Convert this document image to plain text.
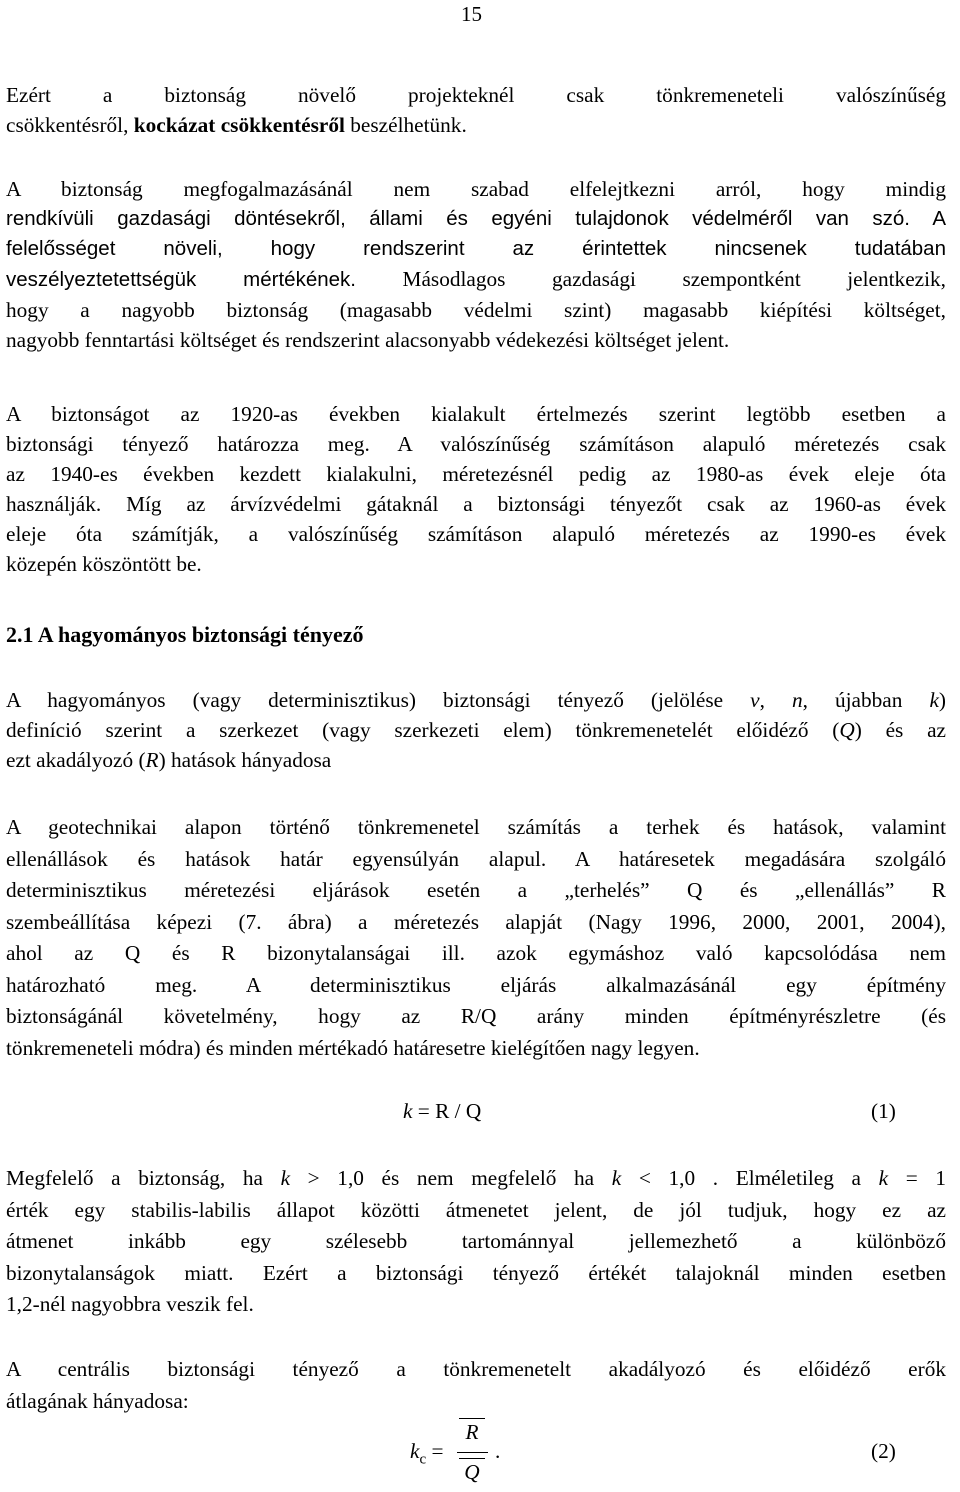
15
Ezért a biztonság növelő projekteknél csak tönkremeneteli valószínűség
csökkentésről, kockázat csökkentésről beszélhetünk.
A biztonság megfogalmazásánál nem szabad elfelejtkezni arról, hogy mindig
rendkívüli gazdasági döntésekről, állami és egyéni tulajdonok védelméről van szó. A
felelősséget növeli, hogy rendszerint az érintettek nincsenek tudatában
veszélyeztetettségük mértékének. Másodlagos gazdasági szempontként jelentkezik,
hogy a nagyobb biztonság (magasabb védelmi szint) magasabb kiépítési költséget,
nagyobb fenntartási költséget és rendszerint alacsonyabb védekezési költséget jelent.
A biztonságot az 1920-as években kialakult értelmezés szerint legtöbb esetben a
biztonsági tényező határozza meg. A valószínűség számításon alapuló méretezés csak
az 1940-es években kezdett kialakulni, méretezésnél pedig az 1980-as évek eleje óta
használják. Míg az árvízvédelmi gátaknál a biztonsági tényezőt csak az 1960-as évek
eleje óta számítják, a valószínűség számításon alapuló méretezés az 1990-es évek
közepén köszöntött be.
2.1 A hagyományos biztonsági tényező
A hagyományos (vagy determinisztikus) biztonsági tényező (jelölése ν, n, újabban k)
definíció szerint a szerkezet (vagy szerkezeti elem) tönkremenetelét előidéző (Q) és az
ezt akadályozó (R) hatások hányadosa
A geotechnikai alapon történő tönkremenetel számítás a terhek és hatások, valamint
ellenállások és hatások határ egyensúlyán alapul. A határesetek megadására szolgáló
determinisztikus méretezési eljárások esetén a „terhelés” Q és „ellenállás” R
szembeállítása képezi (7. ábra) a méretezés alapját (Nagy 1996, 2000, 2001, 2004),
ahol az Q és R bizonytalanságai ill. azok egymáshoz való kapcsolódása nem
határozható meg. A determinisztikus eljárás alkalmazásánál egy építmény
biztonságánál követelmény, hogy az R/Q arány minden építményrészletre (és
tönkremeneteli módra) és minden mértékadó határesetre kielégítően nagy legyen.
k = R / Q	(1)
Megfelelő a biztonság, ha k > 1,0 és nem megfelelő ha k < 1,0 . Elméletileg a k = 1
érték egy stabilis-labilis állapot közötti átmenetet jelent, de jól tudjuk, hogy ez az
átmenet inkább egy szélesebb tartománnyal jellemezhető a különböző
bizonytalanságok miatt. Ezért a biztonsági tényező értékét talajoknál minden esetben
1,2-nél nagyobbra veszik fel.
A centrális biztonsági tényező a tönkremenetelt akadályozó és előidéző erők
átlagának hányadosa:
$k_c$ =
R
Q
.	(2)
